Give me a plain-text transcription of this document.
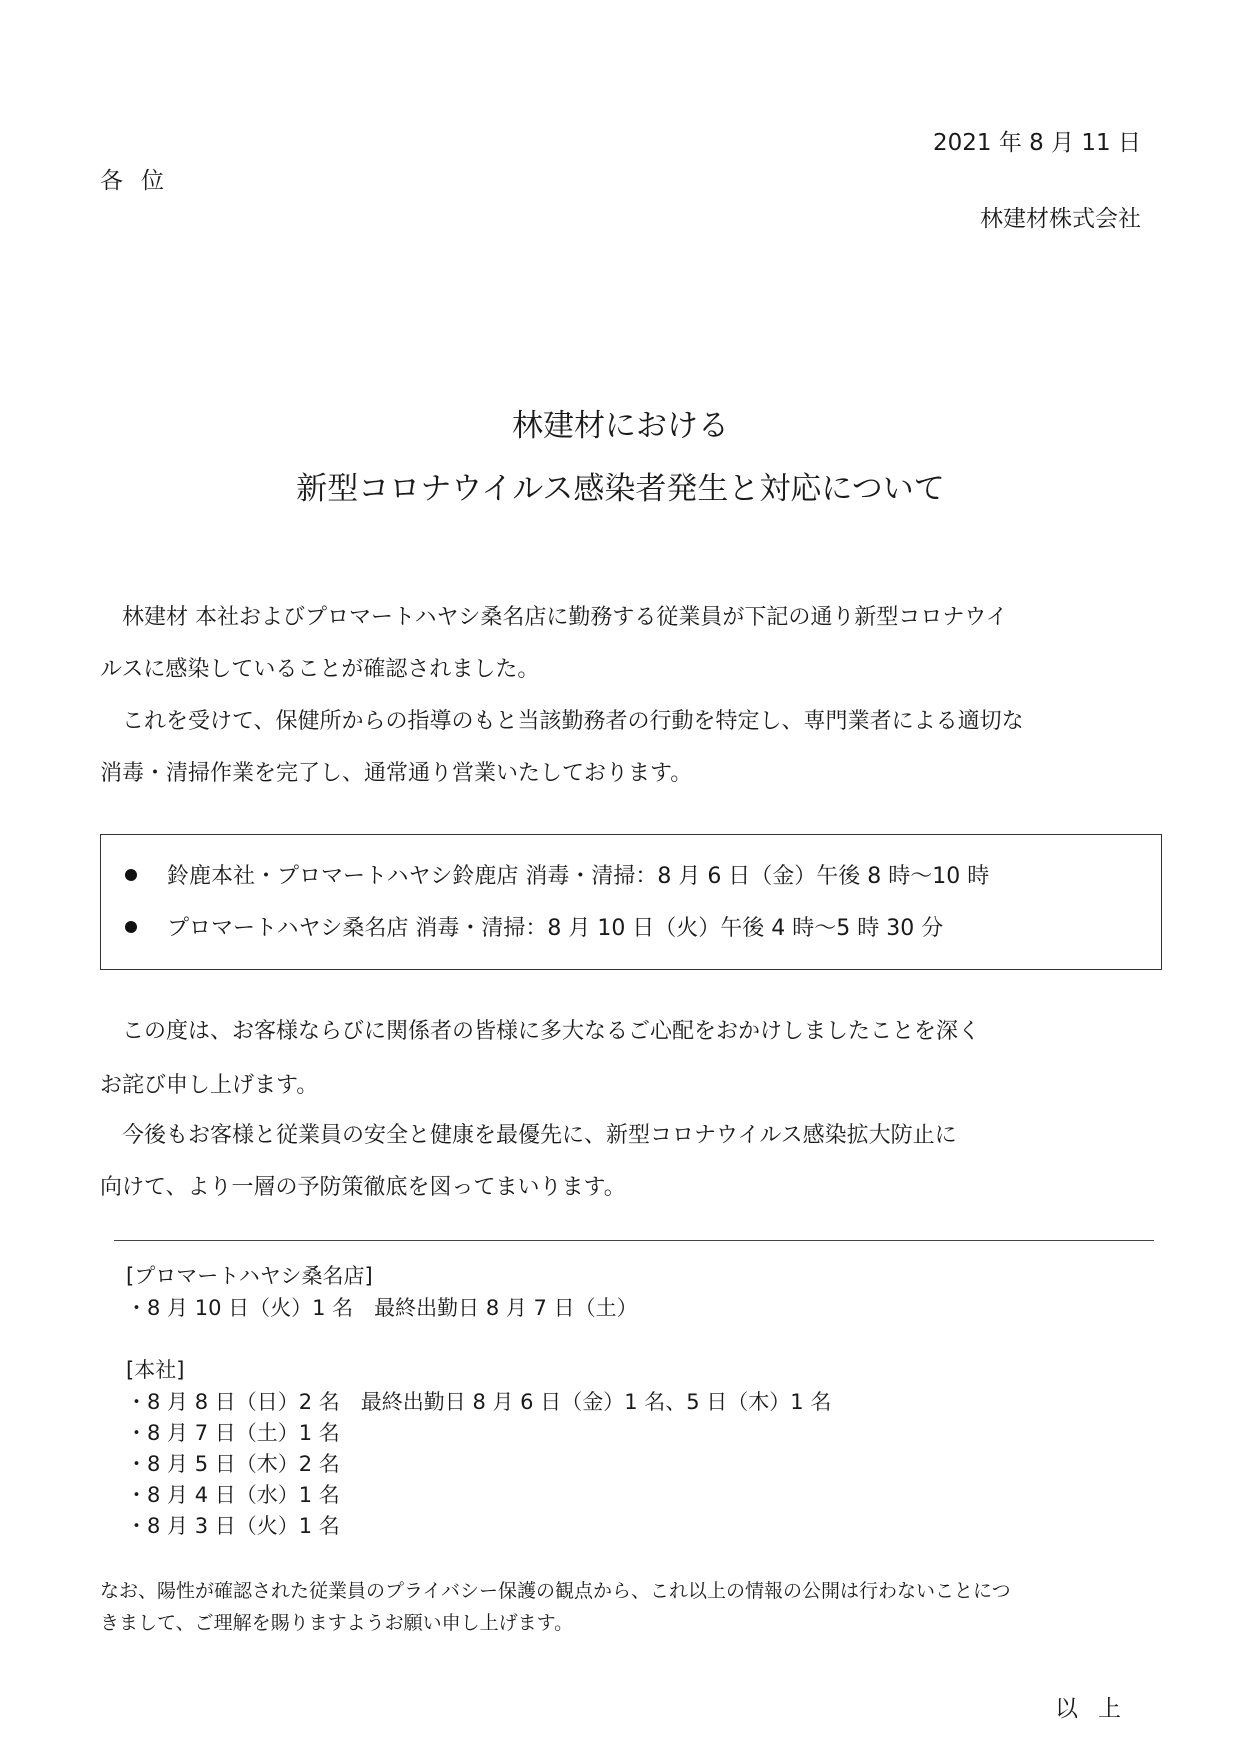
2021 年 8 月 11 日
各位
林建材株式会社
林建材における
新型コロナウイルス感染者発生と対応について
　林建材 本社およびプロマートハヤシ桑名店に勤務する従業員が下記の通り新型コロナウイ
ルスに感染していることが確認されました。
　これを受けて、保健所からの指導のもと当該勤務者の行動を特定し、専門業者による適切な
消毒・清掃作業を完了し、通常通り営業いたしております。
鈴鹿本社・プロマートハヤシ鈴鹿店 消毒・清掃：8 月 6 日（金）午後 8 時～10 時
プロマートハヤシ桑名店 消毒・清掃：8 月 10 日（火）午後 4 時～5 時 30 分
　この度は、お客様ならびに関係者の皆様に多大なるご心配をおかけしましたことを深く
お詫び申し上げます。
　今後もお客様と従業員の安全と健康を最優先に、新型コロナウイルス感染拡大防止に
向けて、より一層の予防策徹底を図ってまいります。
[プロマートハヤシ桑名店]
・8 月 10 日（火）1 名　最終出勤日 8 月 7 日（土）
[本社]
・8 月 8 日（日）2 名　最終出勤日 8 月 6 日（金）1 名、5 日（木）1 名
・8 月 7 日（土）1 名
・8 月 5 日（木）2 名
・8 月 4 日（水）1 名
・8 月 3 日（火）1 名
なお、陽性が確認された従業員のプライバシー保護の観点から、これ以上の情報の公開は行わないことにつ
きまして、ご理解を賜りますようお願い申し上げます。
以上
